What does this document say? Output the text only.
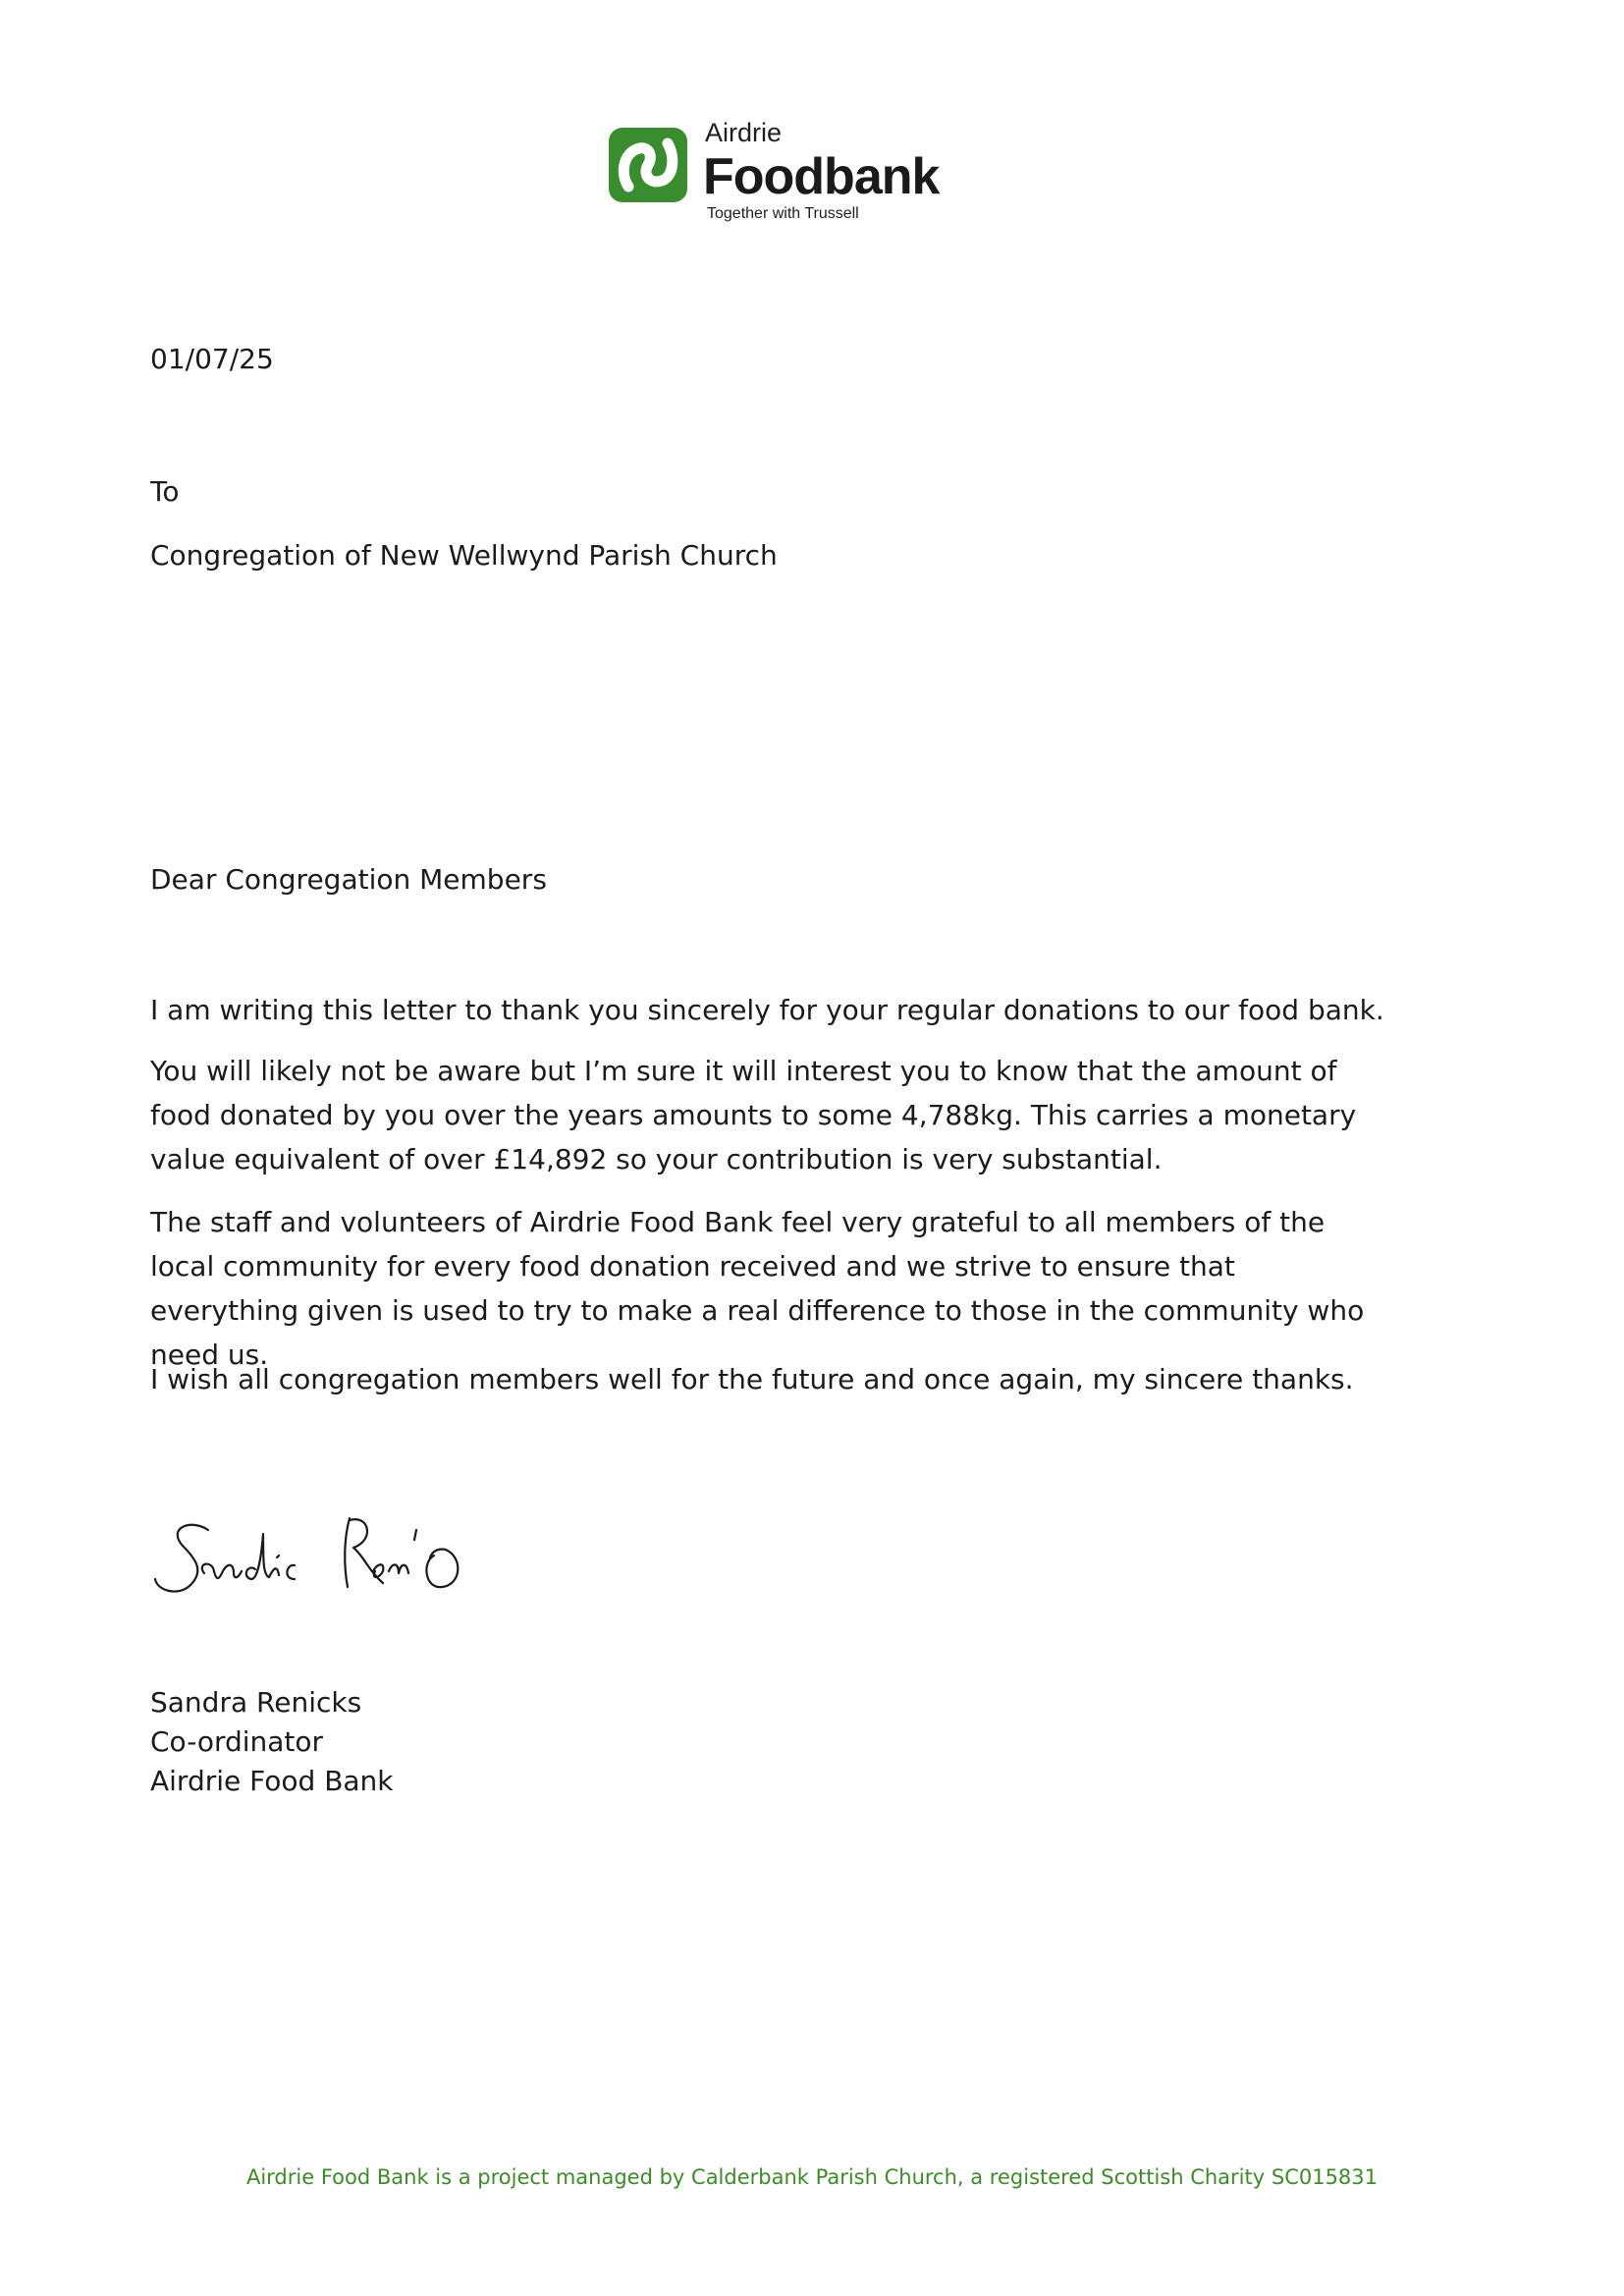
Airdrie
Foodbank
Together with Trussell
01/07/25
To
Congregation of New Wellwynd Parish Church
Dear Congregation Members

I am writing this letter to thank you sincerely for your regular donations to our food bank.

You will likely not be aware but I’m sure it will interest you to know that the amount of food donated by you over the years amounts to some 4,788kg. This carries a monetary value equivalent of over £14,892 so your contribution is very substantial.

The staff and volunteers of Airdrie Food Bank feel very grateful to all members of the local community for every food donation received and we strive to ensure that everything given is used to try to make a real difference to those in the community who need us.

I wish all congregation members well for the future and once again, my sincere thanks.

Sandra Renicks
Co-ordinator
Airdrie Food Bank
Airdrie Food Bank is a project managed by Calderbank Parish Church, a registered Scottish Charity SC015831
